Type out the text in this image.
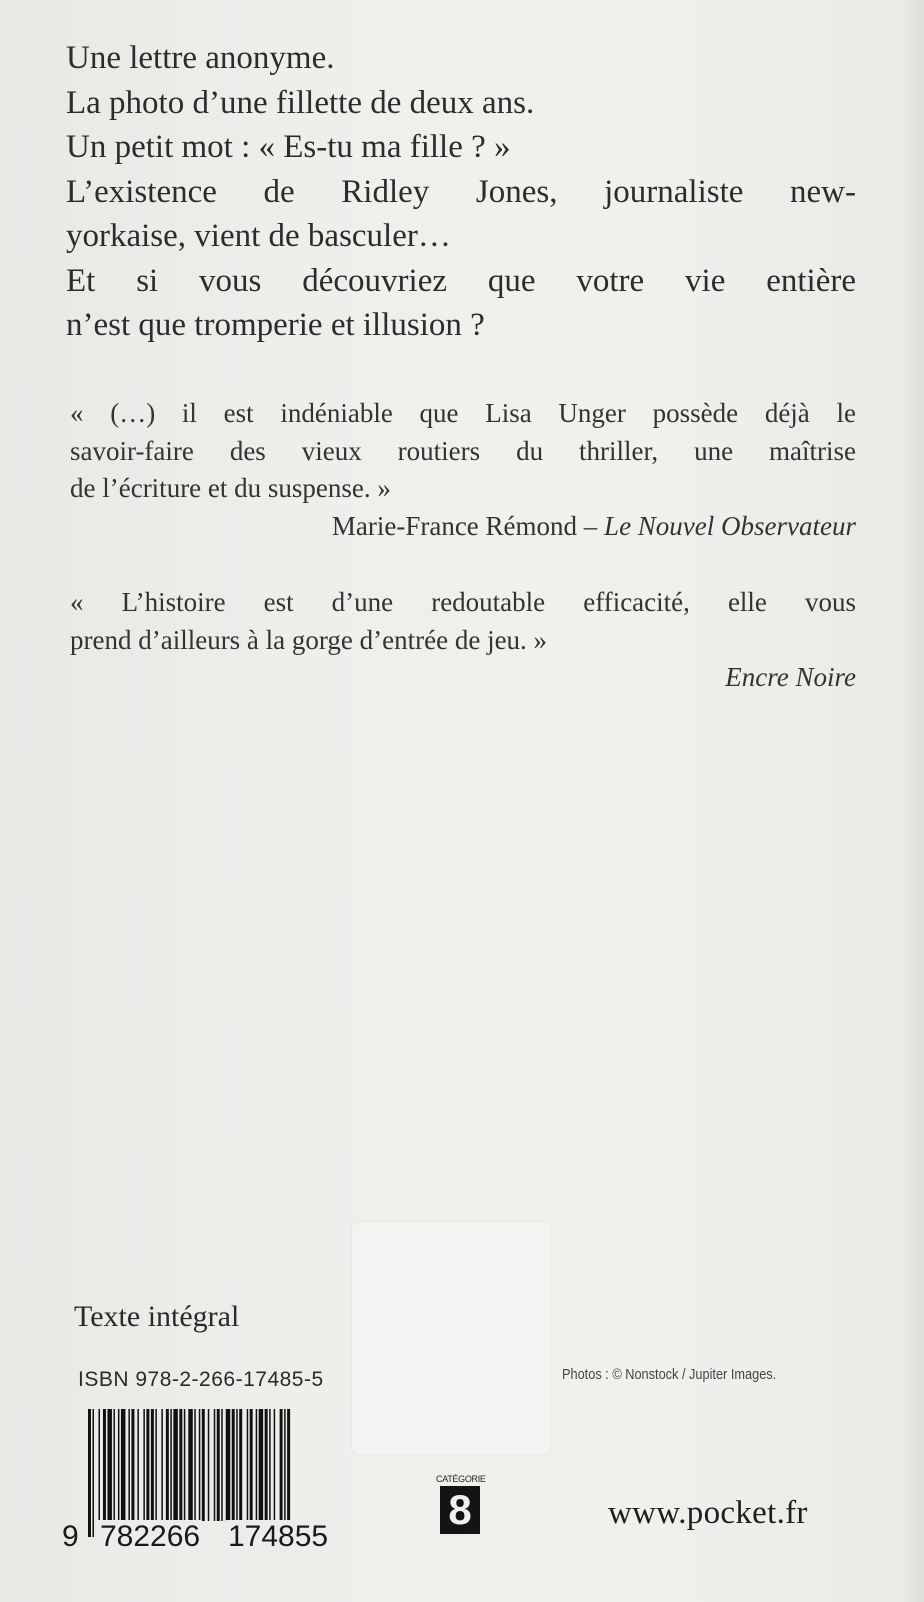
Une lettre anonyme.
La photo d’une fillette de deux ans.
Un petit mot : « Es-tu ma fille ? »
L’existence de Ridley Jones, journaliste new-
yorkaise, vient de basculer…
Et si vous découvriez que votre vie entière
n’est que tromperie et illusion ?
« (…) il est indéniable que Lisa Unger possède déjà le
savoir-faire des vieux routiers du thriller, une maîtrise
de l’écriture et du suspense. »
Marie-France Rémond – Le Nouvel Observateur
« L’histoire est d’une redoutable efficacité, elle vous
prend d’ailleurs à la gorge d’entrée de jeu. »
Encre Noire
Texte intégral
ISBN 978-2-266-17485-5	Photos : © Nonstock / Jupiter Images.
9 782266 174855
CATÉGORIE
8	www.pocket.fr
